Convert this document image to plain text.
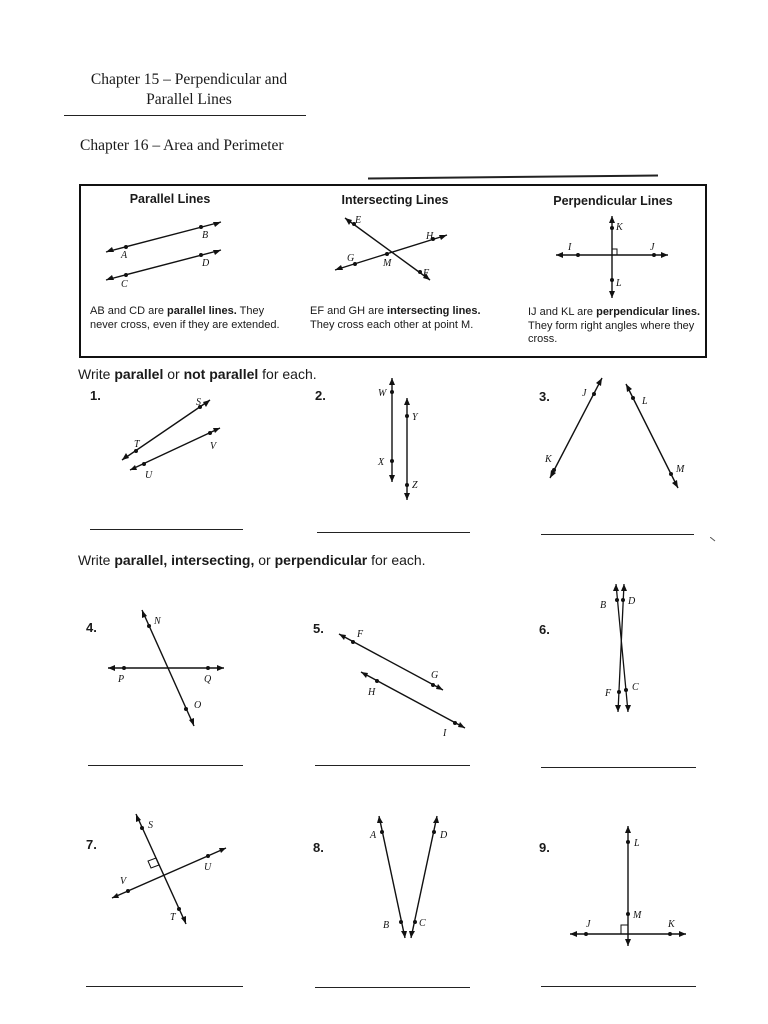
Chapter 15 – Perpendicular and
Parallel Lines
Chapter 16 – Area and Perimeter
Parallel Lines
B
A
D
C
AB and CD are parallel lines. They never cross, even if they are extended.
Intersecting Lines
E
H
G	M
F
EF and GH are intersecting lines. They cross each other at point M.
Perpendicular Lines
K
I	J
L
IJ and KL are perpendicular lines. They form right angles where they cross.
Write parallel or not parallel for each.
1.	S
T	V
U
2.	W
Y
X
Z
3.	J
L
K
M
Write parallel, intersecting, or perpendicular for each.
4.	N
P	Q
O
5.	F
G
H
I
6.
B D
F
C
7.
S
U
V
T
8.
A	D
B	C
9.	L
M
J	K
